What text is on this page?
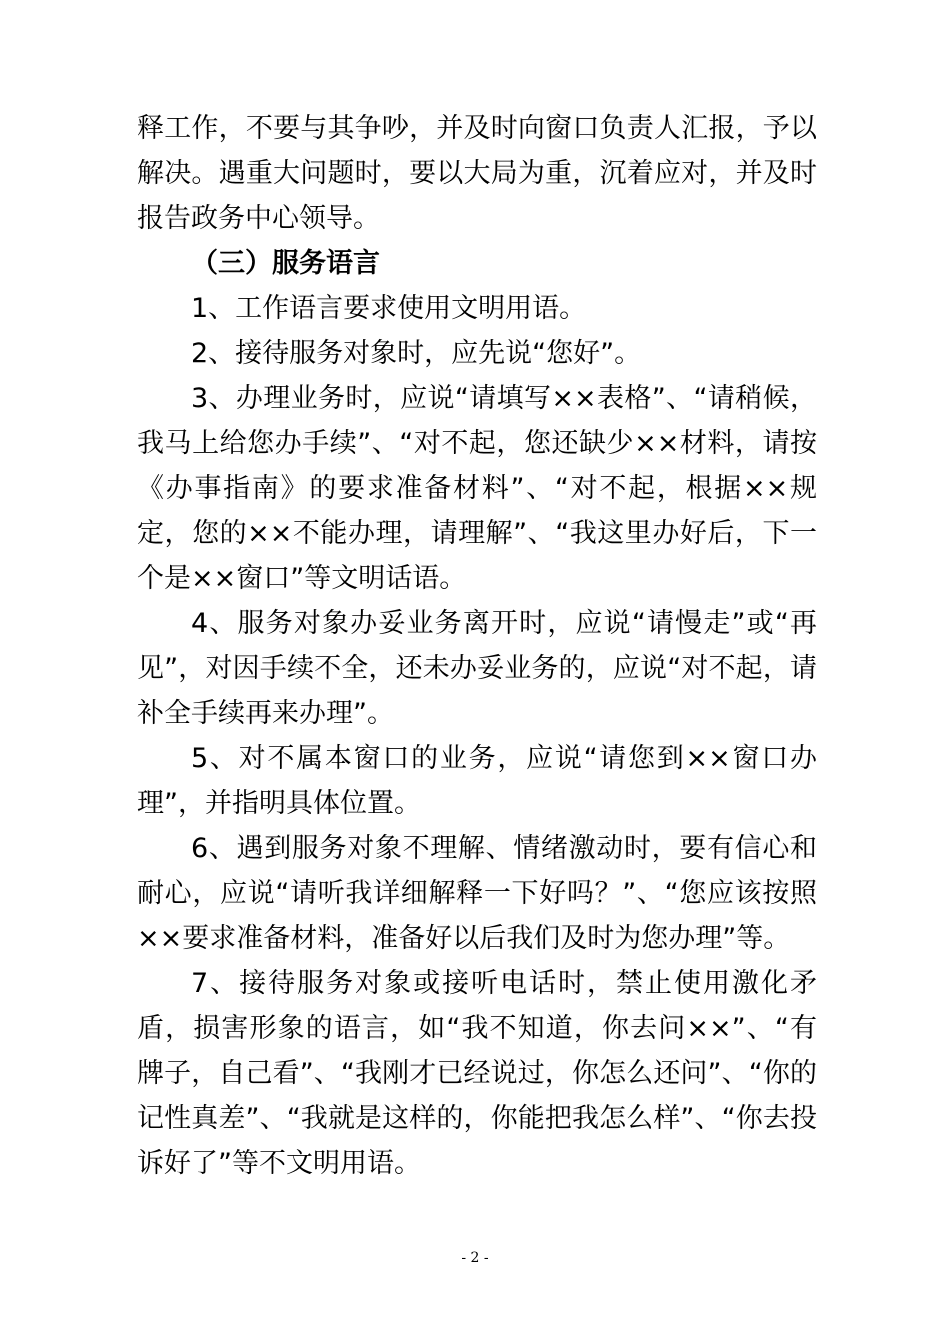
释工作，不要与其争吵，并及时向窗口负责人汇报，予以解决。遇重大问题时，要以大局为重，沉着应对，并及时报告政务中心领导。

（三）服务语言

1、工作语言要求使用文明用语。

2、接待服务对象时，应先说“您好”。

3、办理业务时，应说“请填写××表格”、“请稍候，我马上给您办手续”、“对不起，您还缺少××材料，请按《办事指南》的要求准备材料”、“对不起，根据××规定，您的××不能办理，请理解”、“我这里办好后，下一个是××窗口”等文明话语。

4、服务对象办妥业务离开时，应说“请慢走”或“再见”，对因手续不全，还未办妥业务的，应说“对不起，请补全手续再来办理”。

5、对不属本窗口的业务，应说“请您到××窗口办理”，并指明具体位置。

6、遇到服务对象不理解、情绪激动时，要有信心和耐心，应说“请听我详细解释一下好吗？”、“您应该按照××要求准备材料，准备好以后我们及时为您办理”等。

7、接待服务对象或接听电话时，禁止使用激化矛盾，损害形象的语言，如“我不知道，你去问××”、“有牌子，自己看”、“我刚才已经说过，你怎么还问”、“你的记性真差”、“我就是这样的，你能把我怎么样”、“你去投诉好了”等不文明用语。

- 2 -
